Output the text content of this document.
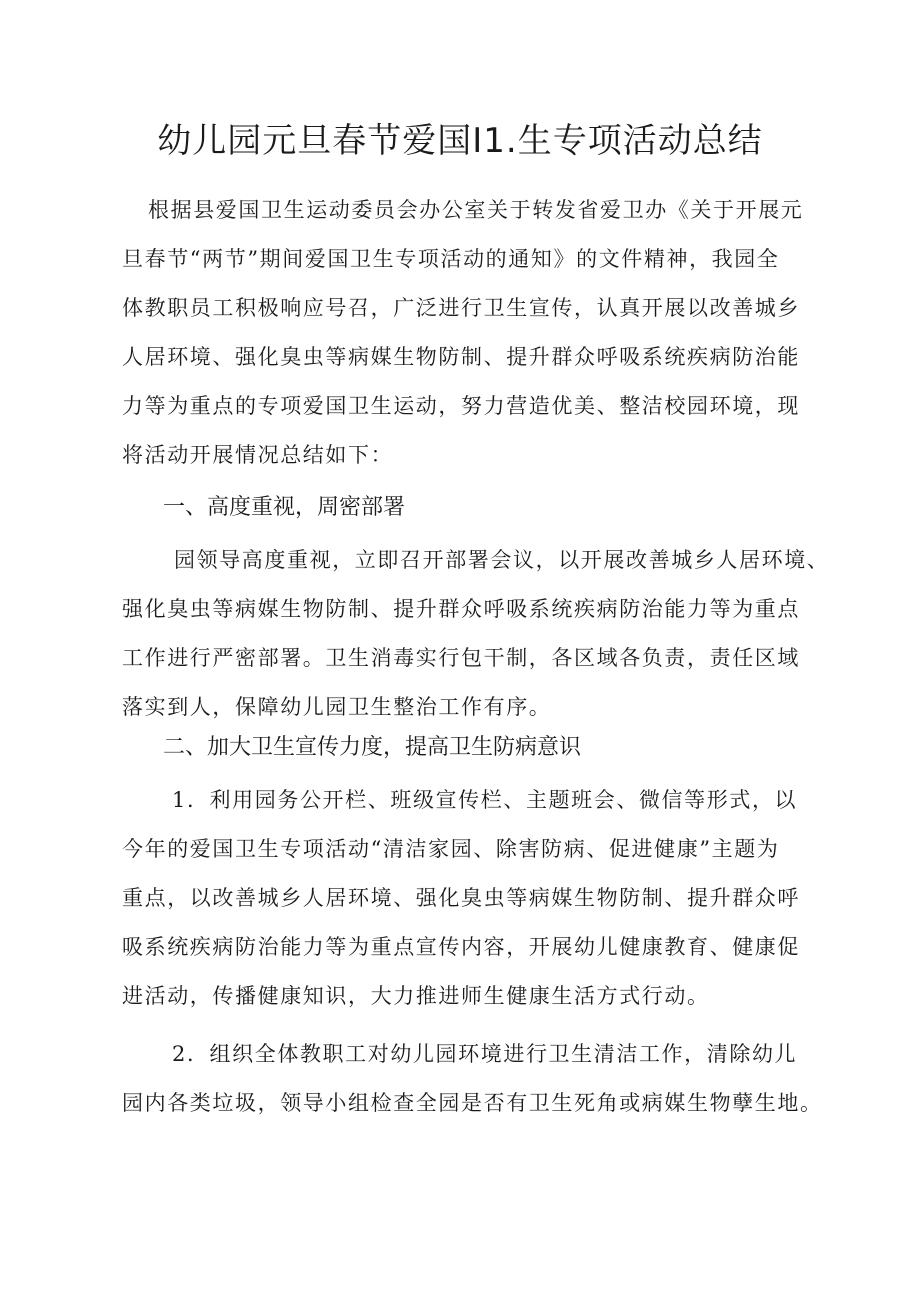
幼儿园元旦春节爱国I1.生专项活动总结
根据县爱国卫生运动委员会办公室关于转发省爱卫办《关于开展元
旦春节“两节”期间爱国卫生专项活动的通知》的文件精神，我园全
体教职员工积极响应号召，广泛进行卫生宣传，认真开展以改善城乡
人居环境、强化臭虫等病媒生物防制、提升群众呼吸系统疾病防治能
力等为重点的专项爱国卫生运动，努力营造优美、整洁校园环境，现
将活动开展情况总结如下：
一、高度重视，周密部署
园领导高度重视，立即召开部署会议，以开展改善城乡人居环境、
强化臭虫等病媒生物防制、提升群众呼吸系统疾病防治能力等为重点
工作进行严密部署。卫生消毒实行包干制，各区域各负责，责任区域
落实到人，保障幼儿园卫生整治工作有序。
二、加大卫生宣传力度，提高卫生防病意识
1．利用园务公开栏、班级宣传栏、主题班会、微信等形式，以
今年的爱国卫生专项活动“清洁家园、除害防病、促进健康”主题为
重点，以改善城乡人居环境、强化臭虫等病媒生物防制、提升群众呼
吸系统疾病防治能力等为重点宣传内容，开展幼儿健康教育、健康促
进活动，传播健康知识，大力推进师生健康生活方式行动。
2．组织全体教职工对幼儿园环境进行卫生清洁工作，清除幼儿
园内各类垃圾，领导小组检查全园是否有卫生死角或病媒生物孽生地。
